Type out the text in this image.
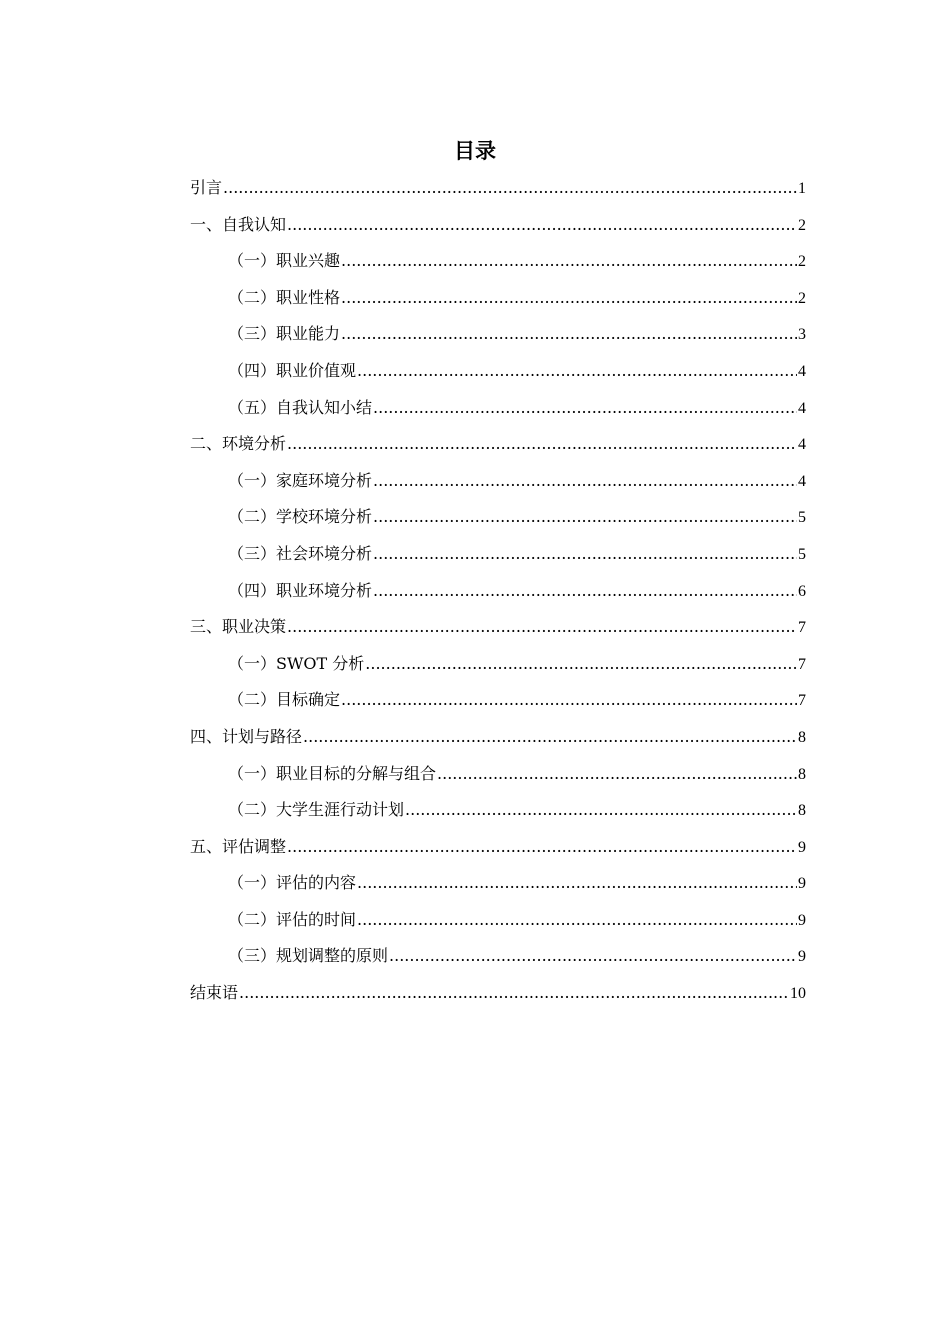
目录
引言 .....	1
一、自我认知 .....	2
（一）职业兴趣 .....	2
（二）职业性格 .....	2
（三）职业能力 .....	3
（四）职业价值观 .....	4
（五）自我认知小结 .....	4
二、环境分析 .....	4
（一）家庭环境分析 .....	4
（二）学校环境分析 .....	5
（三）社会环境分析 .....	5
（四）职业环境分析 .....	6
三、职业决策 .....	7
（一）SWOT 分析 .....	7
（二）目标确定 .....	7
四、计划与路径 .....	8
（一）职业目标的分解与组合 .....	8
（二）大学生涯行动计划 .....	8
五、评估调整 .....	9
（一）评估的内容 .....	9
（二）评估的时间 .....	9
（三）规划调整的原则 .....	9
结束语 .....	10
